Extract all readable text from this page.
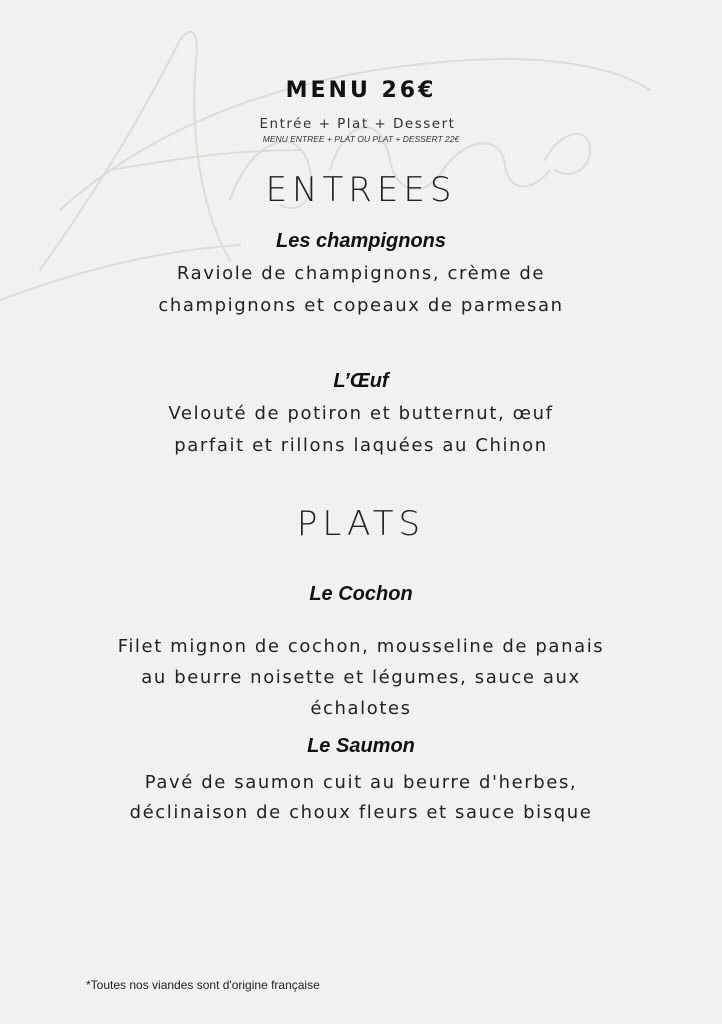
MENU 26€
Entrée + Plat + Dessert
MENU ENTREE + PLAT OU PLAT + DESSERT 22€
ENTREES
Les champignons
Raviole de champignons, crème de
champignons et copeaux de parmesan
L’Œuf
Velouté de potiron et butternut, œuf
parfait et rillons laquées au Chinon
PLATS
Le Cochon
Filet mignon de cochon, mousseline de panais
au beurre noisette et légumes, sauce aux
échalotes
Le Saumon
Pavé de saumon cuit au beurre d'herbes,
déclinaison de choux fleurs et sauce bisque
*Toutes nos viandes sont d'origine française
